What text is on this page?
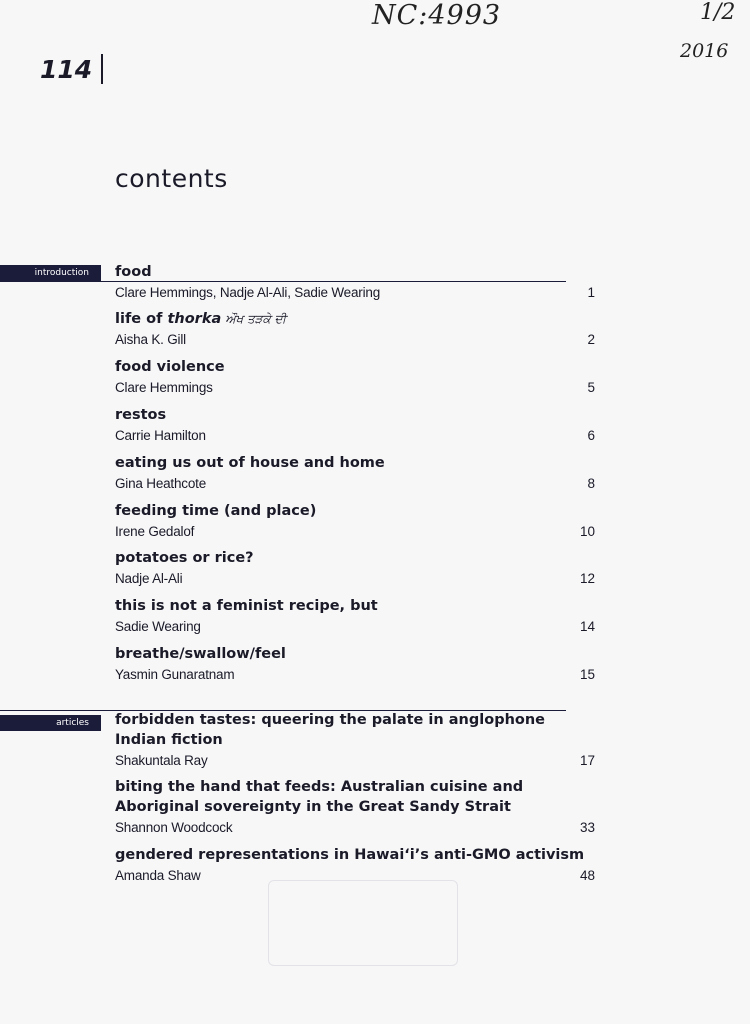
NC:4993	1/2
2016
114
contents
introduction
articles
food
Clare Hemmings, Nadje Al-Ali, Sadie Wearing	1
life of thorka ਔਖ ਤੜਕੇ ਦੀ
Aisha K. Gill	2
food violence
Clare Hemmings	5
restos
Carrie Hamilton	6
eating us out of house and home
Gina Heathcote	8
feeding time (and place)
Irene Gedalof	10
potatoes or rice?
Nadje Al-Ali	12
this is not a feminist recipe, but
Sadie Wearing	14
breathe/swallow/feel
Yasmin Gunaratnam	15
forbidden tastes: queering the palate in anglophone Indian fiction
Shakuntala Ray	17
biting the hand that feeds: Australian cuisine and Aboriginal sovereignty in the Great Sandy Strait
Shannon Woodcock	33
gendered representations in Hawai‘i’s anti-GMO activism
Amanda Shaw	48
